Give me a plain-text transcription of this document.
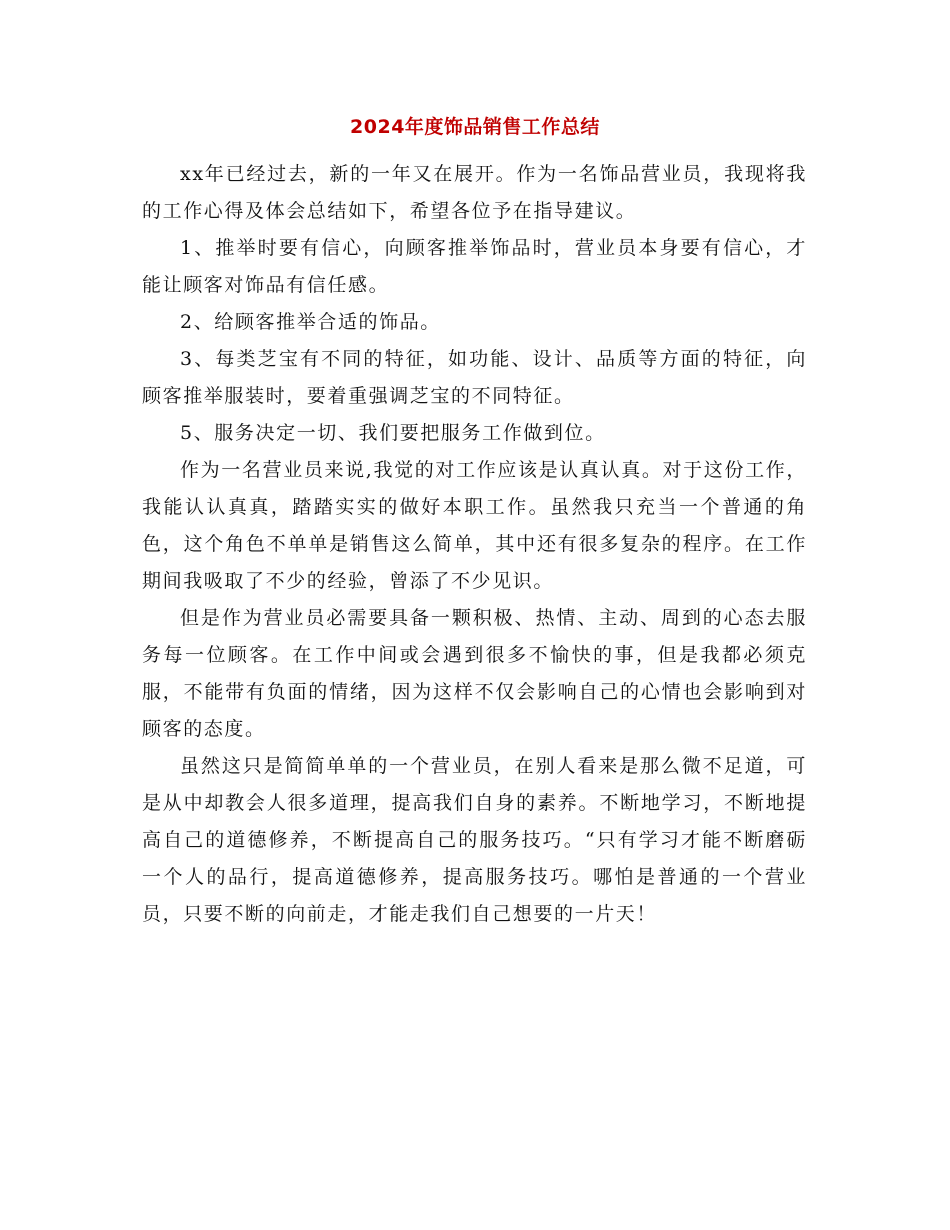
2024年度饰品销售工作总结

xx年已经过去，新的一年又在展开。作为一名饰品营业员，我现将我的工作心得及体会总结如下，希望各位予在指导建议。

1、推举时要有信心，向顾客推举饰品时，营业员本身要有信心，才能让顾客对饰品有信任感。

2、给顾客推举合适的饰品。

3、每类芝宝有不同的特征，如功能、设计、品质等方面的特征，向顾客推举服装时，要着重强调芝宝的不同特征。

5、服务决定一切、我们要把服务工作做到位。

作为一名营业员来说,我觉的对工作应该是认真认真。对于这份工作，我能认认真真，踏踏实实的做好本职工作。虽然我只充当一个普通的角色，这个角色不单单是销售这么简单，其中还有很多复杂的程序。在工作期间我吸取了不少的经验，曾添了不少见识。

但是作为营业员必需要具备一颗积极、热情、主动、周到的心态去服务每一位顾客。在工作中间或会遇到很多不愉快的事，但是我都必须克服，不能带有负面的情绪，因为这样不仅会影响自己的心情也会影响到对顾客的态度。

虽然这只是简简单单的一个营业员，在别人看来是那么微不足道，可是从中却教会人很多道理，提高我们自身的素养。不断地学习，不断地提高自己的道德修养，不断提高自己的服务技巧。“只有学习才能不断磨砺一个人的品行，提高道德修养，提高服务技巧。哪怕是普通的一个营业员，只要不断的向前走，才能走我们自己想要的一片天！
